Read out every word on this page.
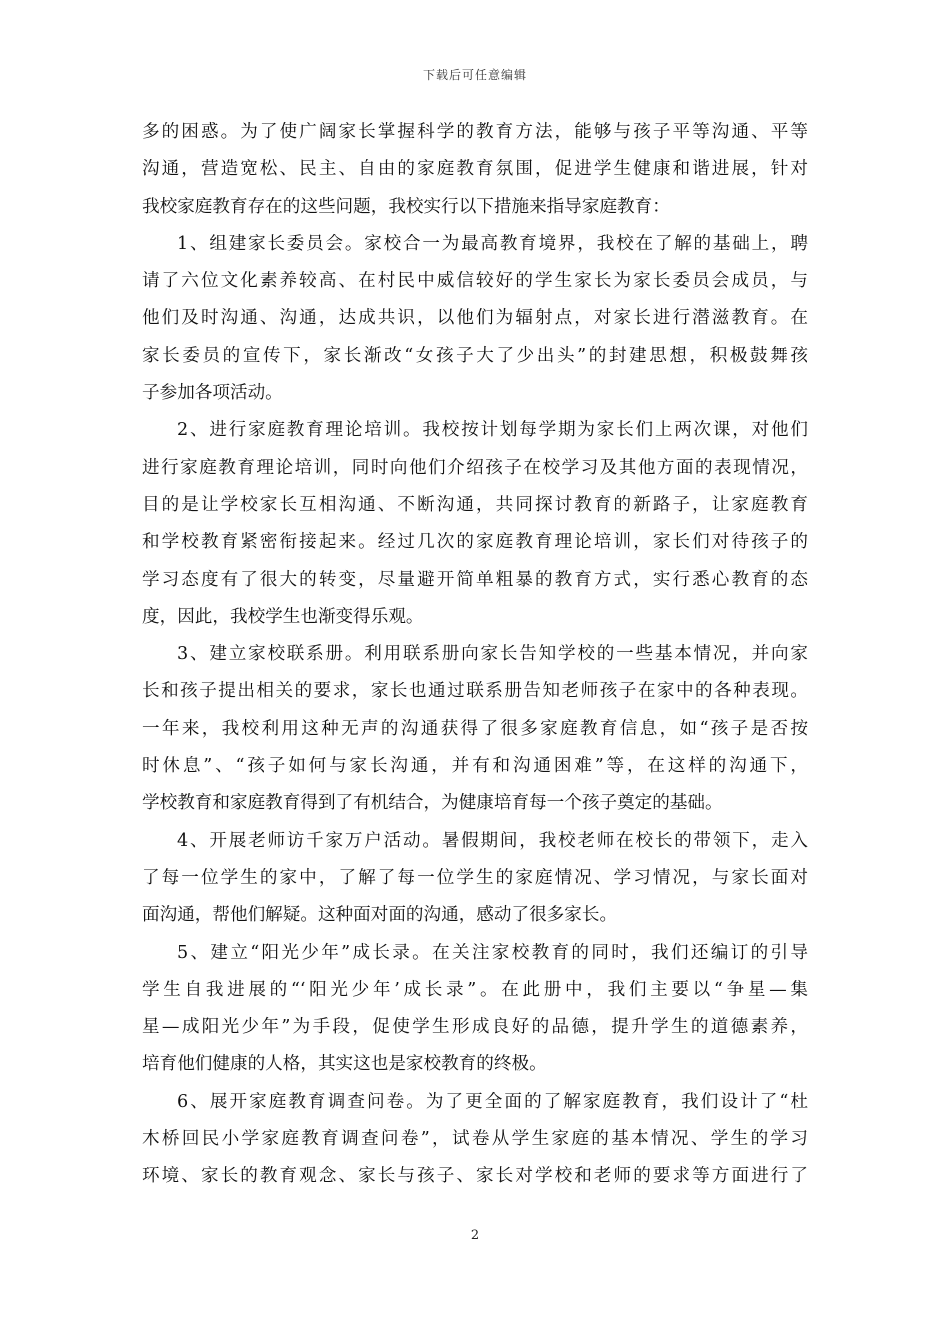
下载后可任意编辑
多的困惑。为了使广阔家长掌握科学的教育方法，能够与孩子平等沟通、平等
沟通，营造宽松、民主、自由的家庭教育氛围，促进学生健康和谐进展，针对
我校家庭教育存在的这些问题，我校实行以下措施来指导家庭教育：
1、组建家长委员会。家校合一为最高教育境界，我校在了解的基础上，聘
请了六位文化素养较高、在村民中威信较好的学生家长为家长委员会成员，与
他们及时沟通、沟通，达成共识，以他们为辐射点，对家长进行潜滋教育。在
家长委员的宣传下，家长渐改“女孩子大了少出头”的封建思想，积极鼓舞孩
子参加各项活动。
2、进行家庭教育理论培训。我校按计划每学期为家长们上两次课，对他们
进行家庭教育理论培训，同时向他们介绍孩子在校学习及其他方面的表现情况，
目的是让学校家长互相沟通、不断沟通，共同探讨教育的新路子，让家庭教育
和学校教育紧密衔接起来。经过几次的家庭教育理论培训，家长们对待孩子的
学习态度有了很大的转变，尽量避开简单粗暴的教育方式，实行悉心教育的态
度，因此，我校学生也渐变得乐观。
3、建立家校联系册。利用联系册向家长告知学校的一些基本情况，并向家
长和孩子提出相关的要求，家长也通过联系册告知老师孩子在家中的各种表现。
一年来，我校利用这种无声的沟通获得了很多家庭教育信息，如“孩子是否按
时休息”、“孩子如何与家长沟通，并有和沟通困难”等，在这样的沟通下，
学校教育和家庭教育得到了有机结合，为健康培育每一个孩子奠定的基础。
4、开展老师访千家万户活动。暑假期间，我校老师在校长的带领下，走入
了每一位学生的家中，了解了每一位学生的家庭情况、学习情况，与家长面对
面沟通，帮他们解疑。这种面对面的沟通，感动了很多家长。
5、建立“阳光少年”成长录。在关注家校教育的同时，我们还编订的引导
学生自我进展的“‘阳光少年’成长录”。在此册中，我们主要以“争星—集
星—成阳光少年”为手段，促使学生形成良好的品德，提升学生的道德素养，
培育他们健康的人格，其实这也是家校教育的终极。
6、展开家庭教育调查问卷。为了更全面的了解家庭教育，我们设计了“杜
木桥回民小学家庭教育调查问卷”，试卷从学生家庭的基本情况、学生的学习
环境、家长的教育观念、家长与孩子、家长对学校和老师的要求等方面进行了
2
